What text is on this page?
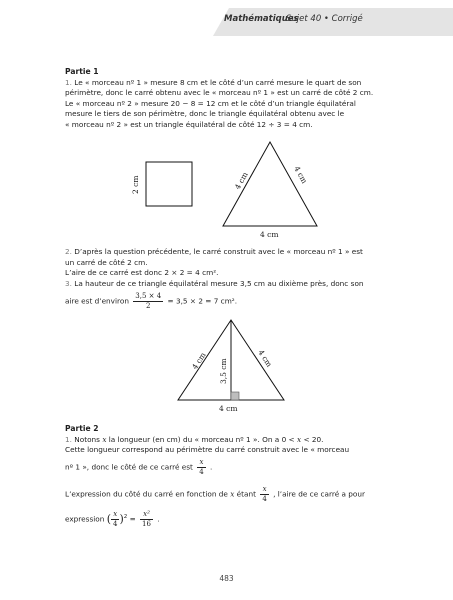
Mathématiques
Sujet 40 • Corrigé

Partie 1

1. Le « morceau nº 1 » mesure 8 cm et le côté d’un carré mesure le quart de son

périmètre, donc le carré obtenu avec le « morceau nº 1 » est un carré de côté 2 cm.

Le « morceau nº 2 » mesure 20 − 8 = 12 cm et le côté d’un triangle équilatéral

mesure le tiers de son périmètre, donc le triangle équilatéral obtenu avec le

« morceau nº 2 » est un triangle équilatéral de côté 12 ÷ 3 = 4 cm.

2 cm	4 cm	4 cm
4 cm

2. D’après la question précédente, le carré construit avec le « morceau nº 1 » est

un carré de côté 2 cm.

L’aire de ce carré est donc 2 × 2 = 4 cm².

3. La hauteur de ce triangle équilatéral mesure 3,5 cm au dixième près, donc son

aire est d’environ $\frac{3,5 \times 4}{2} = 3,5 \times 2 = 7$ cm².

4 cm	4 cm
3,5 cm
4 cm

Partie 2

1. Notons x la longueur (en cm) du « morceau nº 1 ». On a 0 < x < 20.

Cette longueur correspond au périmètre du carré construit avec le « morceau

nº 1 », donc le côté de ce carré est $\frac{x}{4}$ .

L’expression du côté du carré en fonction de x étant $\frac{x}{4}$ , l’aire de ce carré a pour

expression ( $\frac{x}{4} )^2 = \frac{\text{x²}}{16}$ .

483
